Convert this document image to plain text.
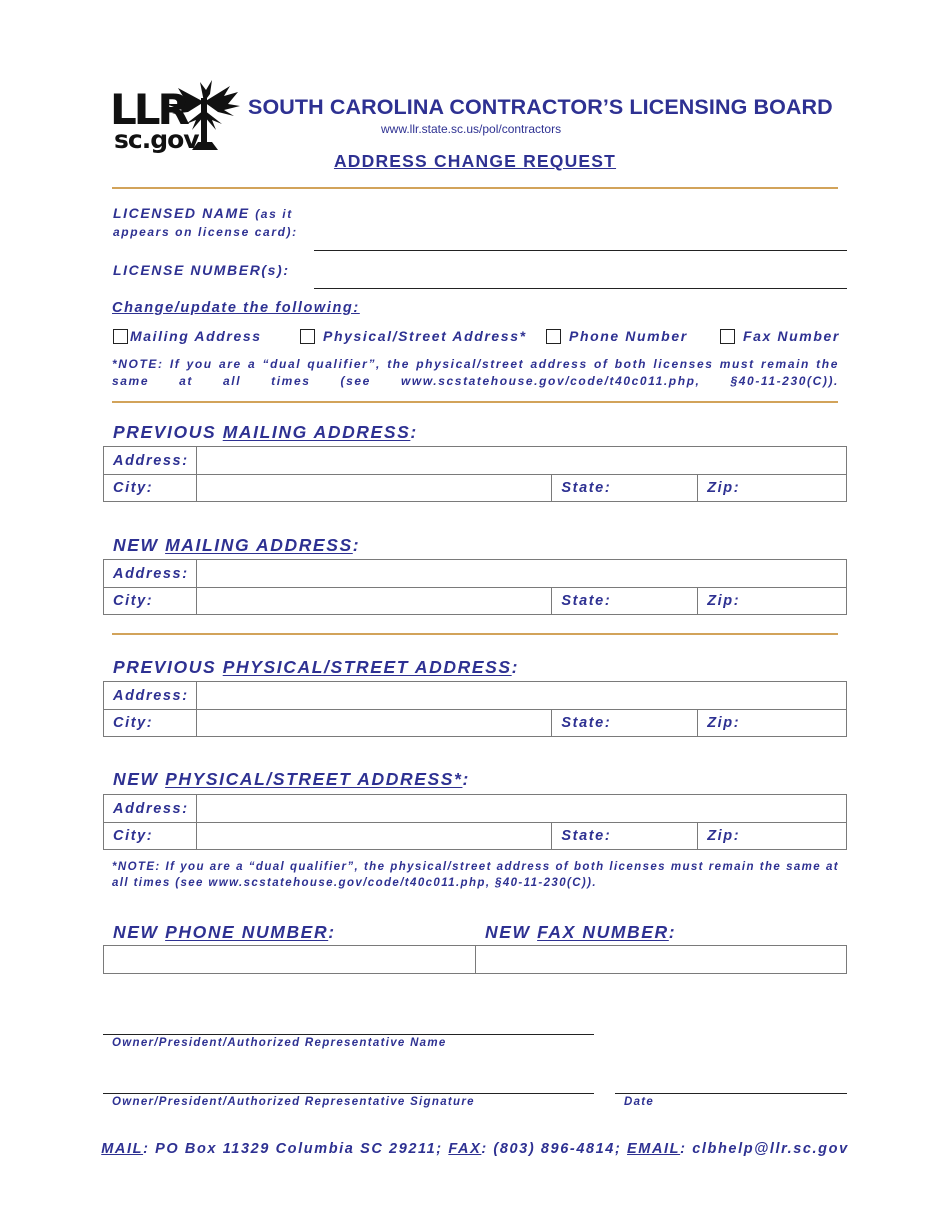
LLR
sc.gov
SOUTH CAROLINA CONTRACTOR’S LICENSING BOARD
www.llr.state.sc.us/pol/contractors
ADDRESS CHANGE REQUEST
LICENSED NAME (as it
appears on license card):
LICENSE NUMBER(s):
Change/update the following:
Mailing Address	Physical/Street Address*	Phone Number	Fax Number
*NOTE: If you are a “dual qualifier”, the physical/street address of both licenses must remain the same at all times (see www.scstatehouse.gov/code/t40c011.php, §40-11-230(C)).
PREVIOUS MAILING ADDRESS:
Address:
City:	State:	Zip:
NEW MAILING ADDRESS:
Address:
City:	State:	Zip:
PREVIOUS PHYSICAL/STREET ADDRESS:
Address:
City:	State:	Zip:
NEW PHYSICAL/STREET ADDRESS*:
Address:
City:	State:	Zip:
*NOTE: If you are a “dual qualifier”, the physical/street address of both licenses must remain the same at all times (see www.scstatehouse.gov/code/t40c011.php, §40-11-230(C)).
NEW PHONE NUMBER:	NEW FAX NUMBER:
Owner/President/Authorized Representative Name
Owner/President/Authorized Representative Signature	Date
MAIL: PO Box 11329 Columbia SC 29211; FAX: (803) 896-4814; EMAIL: clbhelp@llr.sc.gov
